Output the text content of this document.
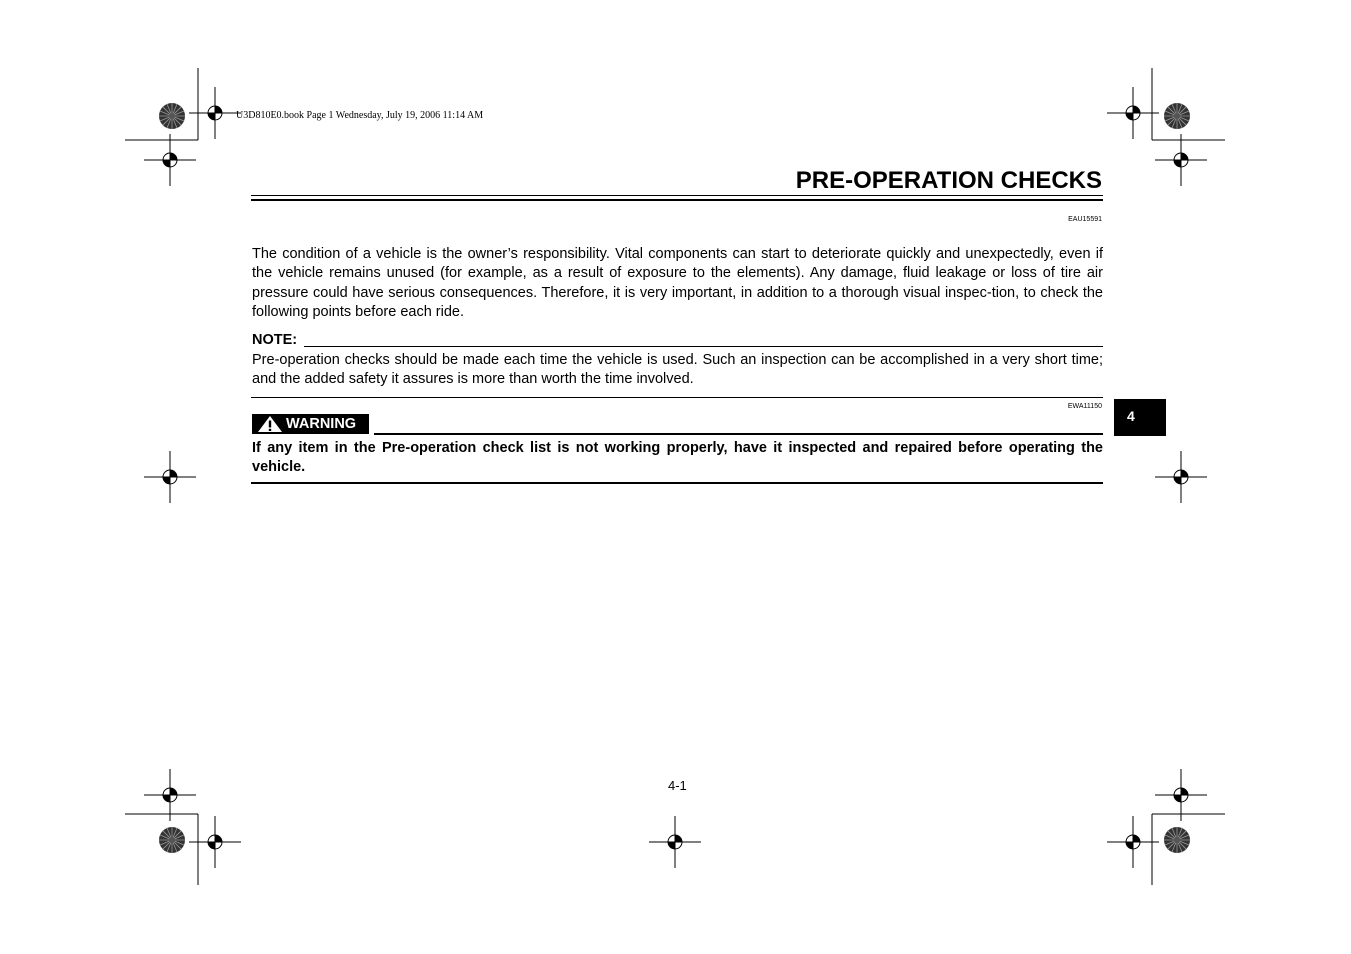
U3D810E0.book Page 1 Wednesday, July 19, 2006 11:14 AM
PRE-OPERATION CHECKS
EAU15591
The condition of a vehicle is the owner’s responsibility. Vital components can start to deteriorate quickly and unexpectedly, even if the vehicle remains unused (for example, as a result of exposure to the elements). Any damage, fluid leakage or loss of tire air pressure could have serious consequences. Therefore, it is very important, in addition to a thorough visual inspec-tion, to check the following points before each ride.
NOTE:
Pre-operation checks should be made each time the vehicle is used. Such an inspection can be accomplished in a very short time; and the added safety it assures is more than worth the time involved.
EWA11150
WARNING
If any item in the Pre-operation check list is not working properly, have it inspected and repaired before operating the vehicle.
4
4-1
